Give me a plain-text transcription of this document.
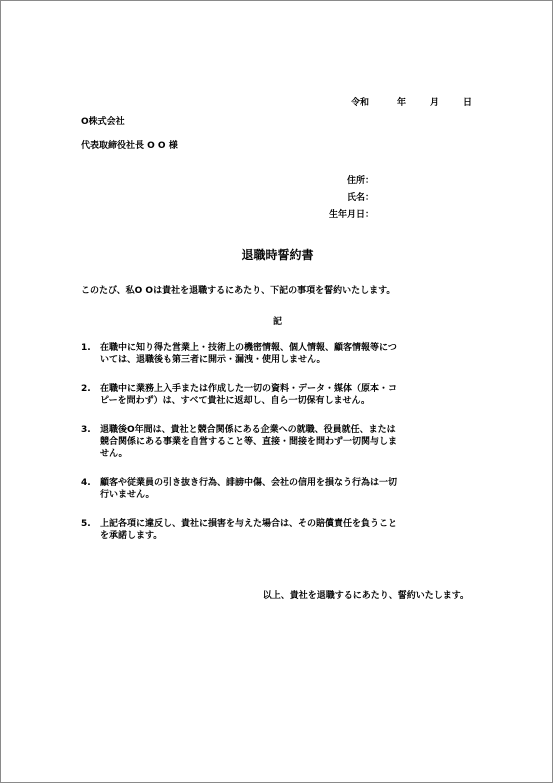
令和	年	月	日
O株式会社
代表取締役社長 O O 様
住所：
氏名：
生年月日：
退職時誓約書
このたび、私O Oは貴社を退職するにあたり、下記の事項を誓約いたします。
記
1. 在職中に知り得た営業上・技術上の機密情報、個人情報、顧客情報等につ
いては、退職後も第三者に開示・漏洩・使用しません。
2. 在職中に業務上入手または作成した一切の資料・データ・媒体（原本・コ
ピーを問わず）は、すべて貴社に返却し、自ら一切保有しません。
3. 退職後O年間は、貴社と競合関係にある企業への就職、役員就任、または
競合関係にある事業を自営すること等、直接・間接を問わず一切関与しま
せん。
4. 顧客や従業員の引き抜き行為、誹謗中傷、会社の信用を損なう行為は一切
行いません。
5. 上記各項に違反し、貴社に損害を与えた場合は、その賠償責任を負うこと
を承諾します。
以上、貴社を退職するにあたり、誓約いたします。
